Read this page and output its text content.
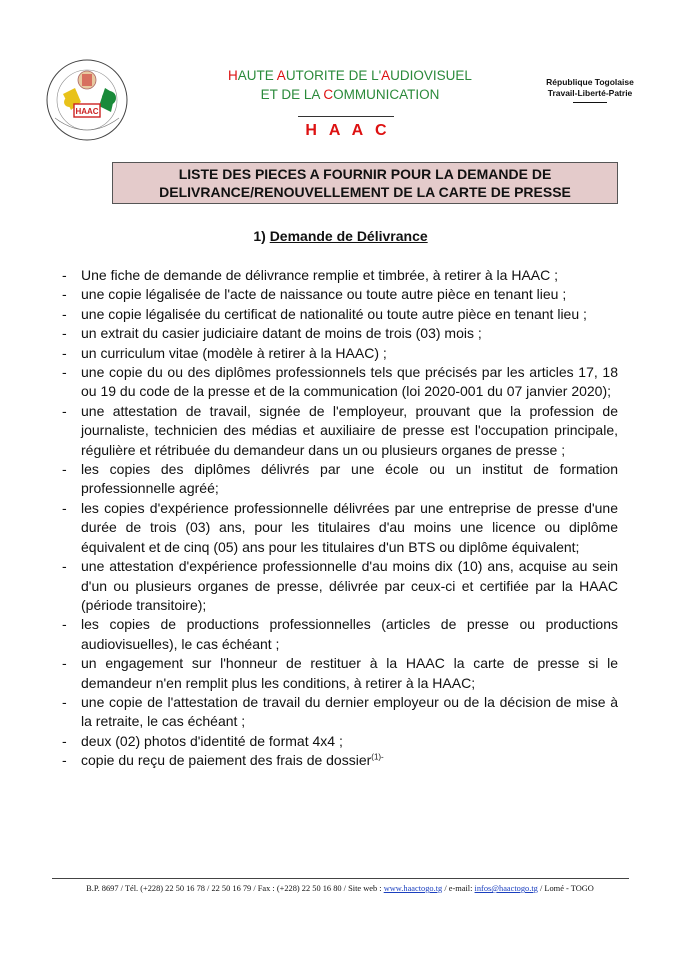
HAAC
HAUTE AUTORITE DE L'AUDIOVISUEL
ET DE LA COMMUNICATION
H A A C
République Togolaise
Travail-Liberté-Patrie
LISTE DES PIECES A FOURNIR POUR LA DEMANDE DE
DELIVRANCE/RENOUVELLEMENT DE LA CARTE DE PRESSE
1) Demande de Délivrance
- Une fiche de demande de délivrance remplie et timbrée, à retirer à la HAAC ;
- une copie légalisée de l'acte de naissance ou toute autre pièce en tenant lieu ;
- une copie légalisée du certificat de nationalité ou toute autre pièce en tenant lieu ;
- un extrait du casier judiciaire datant de moins de trois (03) mois ;
- un curriculum vitae (modèle à retirer à la HAAC) ;
- une copie du ou des diplômes professionnels tels que précisés par les articles 17, 18 ou 19 du code de la presse et de la communication (loi 2020-001 du 07 janvier 2020);
- une attestation de travail, signée de l'employeur, prouvant que la profession de journaliste, technicien des médias et auxiliaire de presse est l'occupation principale, régulière et rétribuée du demandeur dans un ou plusieurs organes de presse ;
- les copies des diplômes délivrés par une école ou un institut de formation professionnelle agréé;
- les copies d'expérience professionnelle délivrées par une entreprise de presse d'une durée de trois (03) ans, pour les titulaires d'au moins une licence ou diplôme équivalent et de cinq (05) ans pour les titulaires d'un BTS ou diplôme équivalent;
- une attestation d'expérience professionnelle d'au moins dix (10) ans, acquise au sein d'un ou plusieurs organes de presse, délivrée par ceux-ci et certifiée par la HAAC (période transitoire);
- les copies de productions professionnelles (articles de presse ou productions audiovisuelles), le cas échéant ;
- un engagement sur l'honneur de restituer à la HAAC la carte de presse si le demandeur n'en remplit plus les conditions, à retirer à la HAAC;
- une copie de l'attestation de travail du dernier employeur ou de la décision de mise à la retraite, le cas échéant ;
- deux (02) photos d'identité de format 4x4 ;
- copie du reçu de paiement des frais de dossier$^{(1)-}$
B.P. 8697 / Tél. (+228) 22 50 16 78 / 22 50 16 79 / Fax : (+228) 22 50 16 80 / Site web : www.haactogo.tg / e-mail: infos@haactogo.tg / Lomé - TOGO
